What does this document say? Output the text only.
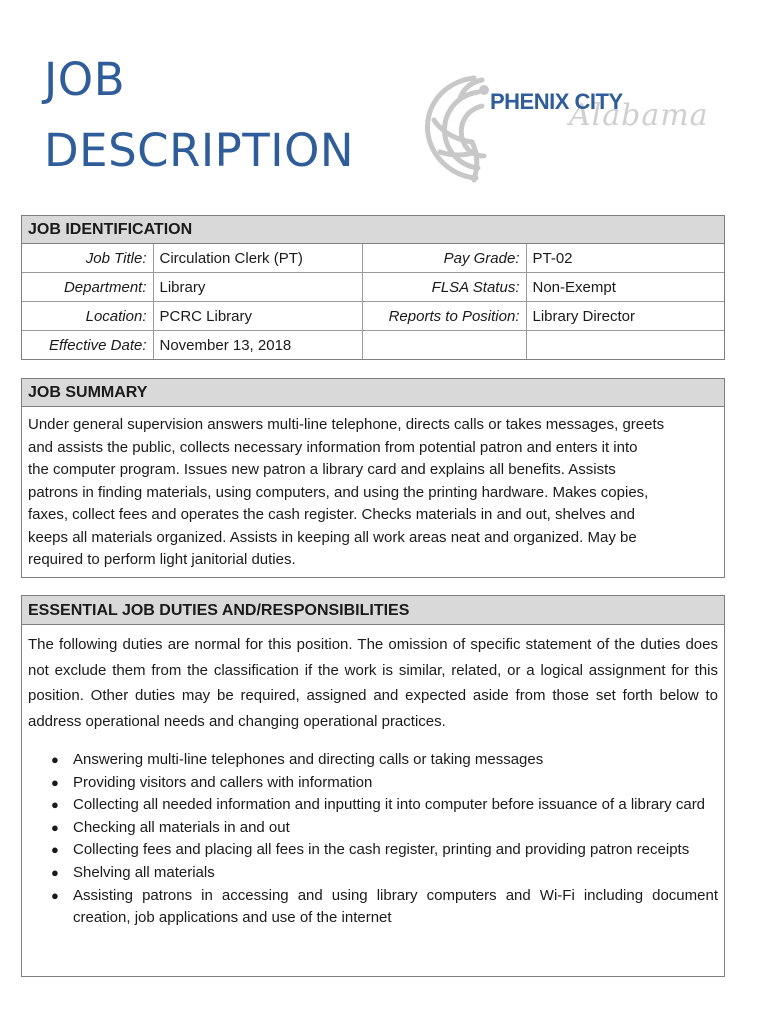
JOB
DESCRIPTION
Alabama
PHENIX CITY
JOB IDENTIFICATION
Job Title:	Circulation Clerk (PT)	Pay Grade:	PT-02
Department:	Library	FLSA Status:	Non-Exempt
Location:	PCRC Library	Reports to Position:	Library Director
Effective Date:	November 13, 2018		
JOB SUMMARY
Under general supervision answers multi-line telephone, directs calls or takes messages, greets
and assists the public, collects necessary information from potential patron and enters it into
the computer program. Issues new patron a library card and explains all benefits. Assists
patrons in finding materials, using computers, and using the printing hardware. Makes copies,
faxes, collect fees and operates the cash register. Checks materials in and out, shelves and
keeps all materials organized. Assists in keeping all work areas neat and organized. May be
required to perform light janitorial duties.
ESSENTIAL JOB DUTIES AND/RESPONSIBILITIES
The following duties are normal for this position. The omission of specific statement of the duties does not exclude them from the classification if the work is similar, related, or a logical assignment for this position. Other duties may be required, assigned and expected aside from those set forth below to address operational needs and changing operational practices.
● Answering multi-line telephones and directing calls or taking messages
● Providing visitors and callers with information
● Collecting all needed information and inputting it into computer before issuance of a library card
● Checking all materials in and out
● Collecting fees and placing all fees in the cash register, printing and providing patron receipts
● Shelving all materials
● Assisting patrons in accessing and using library computers and Wi-Fi including document creation, job applications and use of the internet
